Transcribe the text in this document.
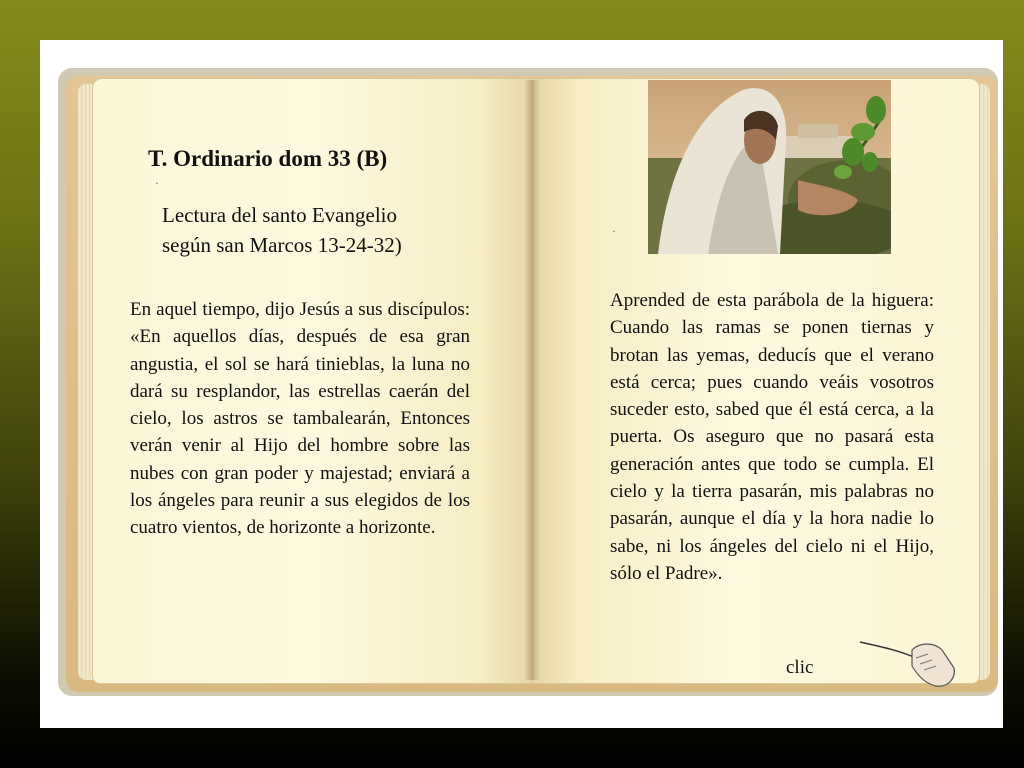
T. Ordinario dom 33 (B)

·
·
Lectura del santo Evangelio
según san Marcos 13-24-32)

En aquel tiempo, dijo Jesús a sus discípulos: «En aquellos días, después de esa gran angustia, el sol se hará tinieblas, la luna no dará su resplandor, las estrellas caerán del cielo, los astros se tambalearán, Entonces verán venir al Hijo del hombre sobre las nubes con gran poder y majestad; enviará a los ángeles para reunir a sus elegidos de los cuatro vientos, de horizonte a horizonte.

Aprended de esta parábola de la higuera: Cuando las ramas se ponen tiernas y brotan las yemas, deducís que el verano está cerca; pues cuando veáis vosotros suceder esto, sabed que él está cerca, a la puerta. Os aseguro que no pasará esta generación antes que todo se cumpla. El cielo y la tierra pasarán, mis palabras no pasarán, aunque el día y la hora nadie lo sabe, ni los ángeles del cielo ni el Hijo, sólo el Padre».

clic
